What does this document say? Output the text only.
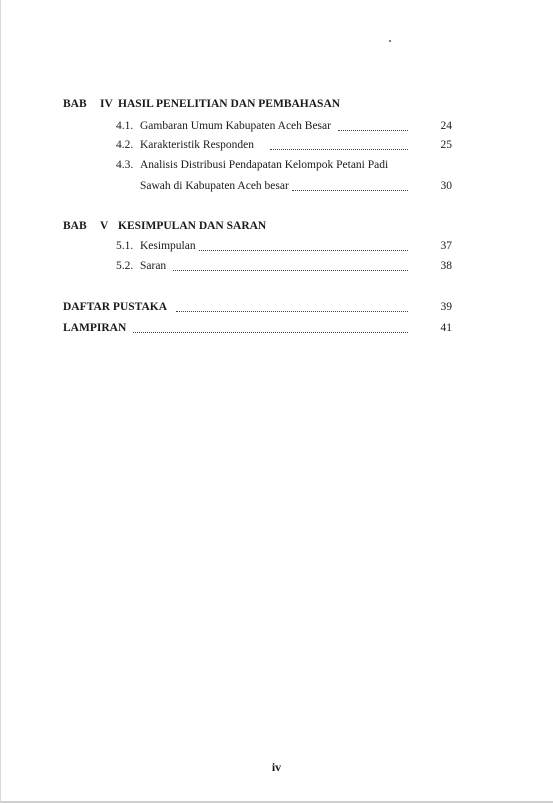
BAB IV HASIL PENELITIAN DAN PEMBAHASAN
4.1. Gambaran Umum Kabupaten Aceh Besar	24
4.2. Karakteristik Responden	25
4.3. Analisis Distribusi Pendapatan Kelompok Petani Padi
Sawah di Kabupaten Aceh besar	30
BAB V KESIMPULAN DAN SARAN
5.1. Kesimpulan	37
5.2. Saran	38
DAFTAR PUSTAKA	39
LAMPIRAN	41
iv
